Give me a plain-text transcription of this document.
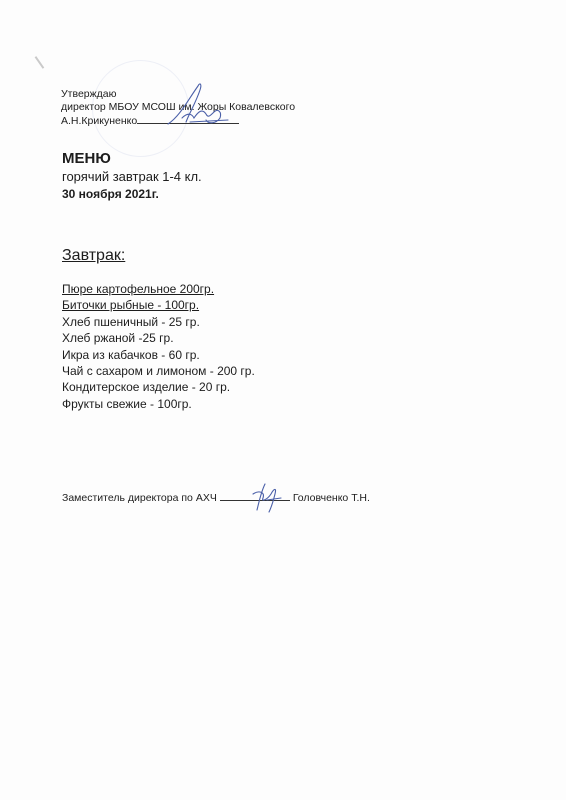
Утверждаю
директор МБОУ МСОШ им. Жоры Ковалевского
А.Н.Крикуненко
МЕНЮ
горячий завтрак 1-4 кл.
30 ноября 2021г.
Завтрак:
Пюре картофельное 200гр.
Биточки рыбные - 100гр.
Хлеб пшеничный - 25 гр.
Хлеб ржаной -25 гр.
Икра из кабачков - 60 гр.
Чай с сахаром и лимоном - 200 гр.
Кондитерское изделие - 20 гр.
Фрукты свежие - 100гр.
Заместитель директора по АХЧ	Головченко Т.Н.
